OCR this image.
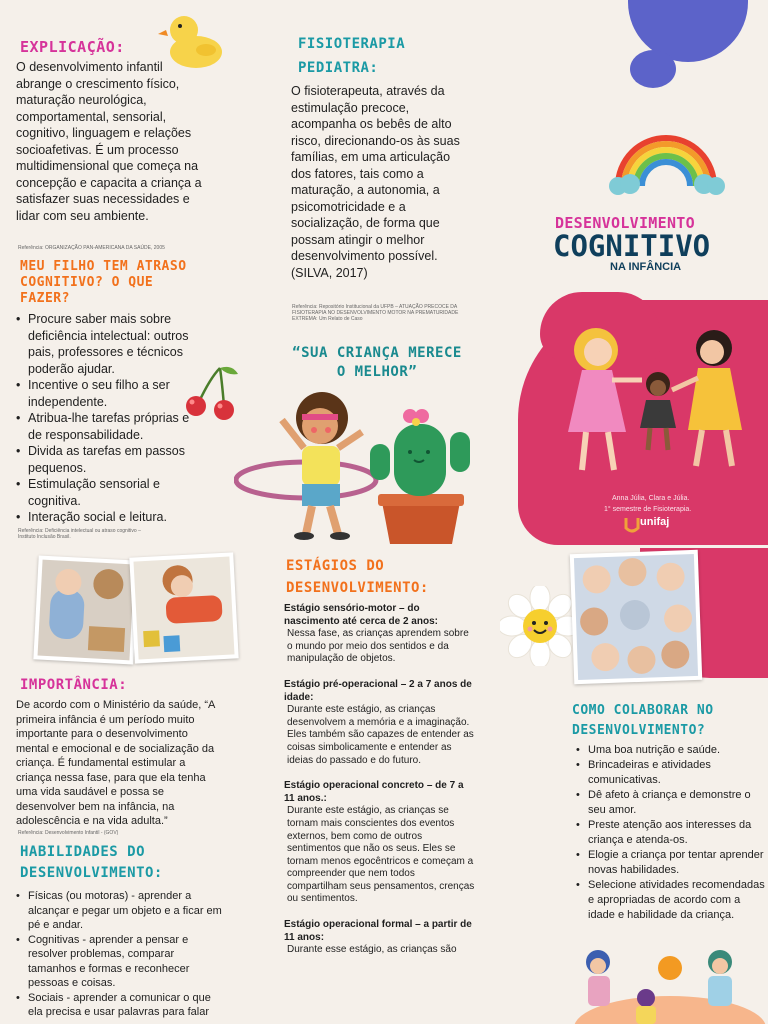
EXPLICAÇÃO:

O desenvolvimento infantil abrange o crescimento físico, maturação neurológica, comportamental, sensorial, cognitivo, linguagem e relações socioafetivas. É um processo multidimensional que começa na concepção e capacita a criança a satisfazer suas necessidades e lidar com seu ambiente.

Referência: ORGANIZAÇÃO PAN-AMERICANA DA SAÚDE, 2005

MEU FILHO TEM ATRASO COGNITIVO? O QUE FAZER?
• Procure saber mais sobre deficiência intelectual: outros pais, professores e técnicos poderão ajudar.
• Incentive o seu filho a ser independente.
• Atribua-lhe tarefas próprias e de responsabilidade.
• Divida as tarefas em passos pequenos.
• Estimulação sensorial e cognitiva.
• Interação social e leitura.

Referência: Deficiência intelectual ou atraso cognitivo – Instituto Inclusão Brasil.

FISIOTERAPIA PEDIATRA:

O fisioterapeuta, através da estimulação precoce, acompanha os bebês de alto risco, direcionando-os às suas famílias, em uma articulação dos fatores, tais como a maturação, a autonomia, a psicomotricidade e a socialização, de forma que possam atingir o melhor desenvolvimento possível. (SILVA, 2017)

Referência: Repositório Institucional da UFPB – ATUAÇÃO PRECOCE DA FISIOTERAPIA NO DESENVOLVIMENTO MOTOR NA PREMATURIDADE EXTREMA: Um Relato de Caso

“SUA CRIANÇA MERECE O MELHOR”
DESENVOLVIMENTO
COGNITIVO
NA INFÂNCIA
Anna Júlia, Clara e Júlia.
1° semestre de Fisioterapia.
unifaj
IMPORTÂNCIA:

De acordo com o Ministério da saúde, “A primeira infância é um período muito importante para o desenvolvimento mental e emocional e de socialização da criança. É fundamental estimular a criança nessa fase, para que ela tenha uma vida saudável e possa se desenvolver bem na infância, na adolescência e na vida adulta.”

Referência: Desenvolvimento Infantil - (GOV)

HABILIDADES DO DESENVOLVIMENTO:
• Físicas (ou motoras) - aprender a alcançar e pegar um objeto e a ficar em pé e andar.
• Cognitivas - aprender a pensar e resolver problemas, comparar tamanhos e formas e reconhecer pessoas e coisas.
• Sociais - aprender a comunicar o que ela precisa e usar palavras para falar
ESTÁGIOS DO DESENVOLVIMENTO:
Estágio sensório-motor – do nascimento até cerca de 2 anos:
Nessa fase, as crianças aprendem sobre o mundo por meio dos sentidos e da manipulação de objetos.
Estágio pré-operacional – 2 a 7 anos de idade:
Durante este estágio, as crianças desenvolvem a memória e a imaginação. Eles também são capazes de entender as coisas simbolicamente e entender as ideias do passado e do futuro.
Estágio operacional concreto – de 7 a 11 anos.:
Durante este estágio, as crianças se tornam mais conscientes dos eventos externos, bem como de outros sentimentos que não os seus. Eles se tornam menos egocêntricos e começam a compreender que nem todos compartilham seus pensamentos, crenças ou sentimentos.
Estágio operacional formal – a partir de 11 anos:
Durante esse estágio, as crianças são
COMO COLABORAR NO DESENVOLVIMENTO?
• Uma boa nutrição e saúde.
• Brincadeiras e atividades comunicativas.
• Dê afeto à criança e demonstre o seu amor.
• Preste atenção aos interesses da criança e atenda-os.
• Elogie a criança por tentar aprender novas habilidades.
• Selecione atividades recomendadas e apropriadas de acordo com a idade e habilidade da criança.
